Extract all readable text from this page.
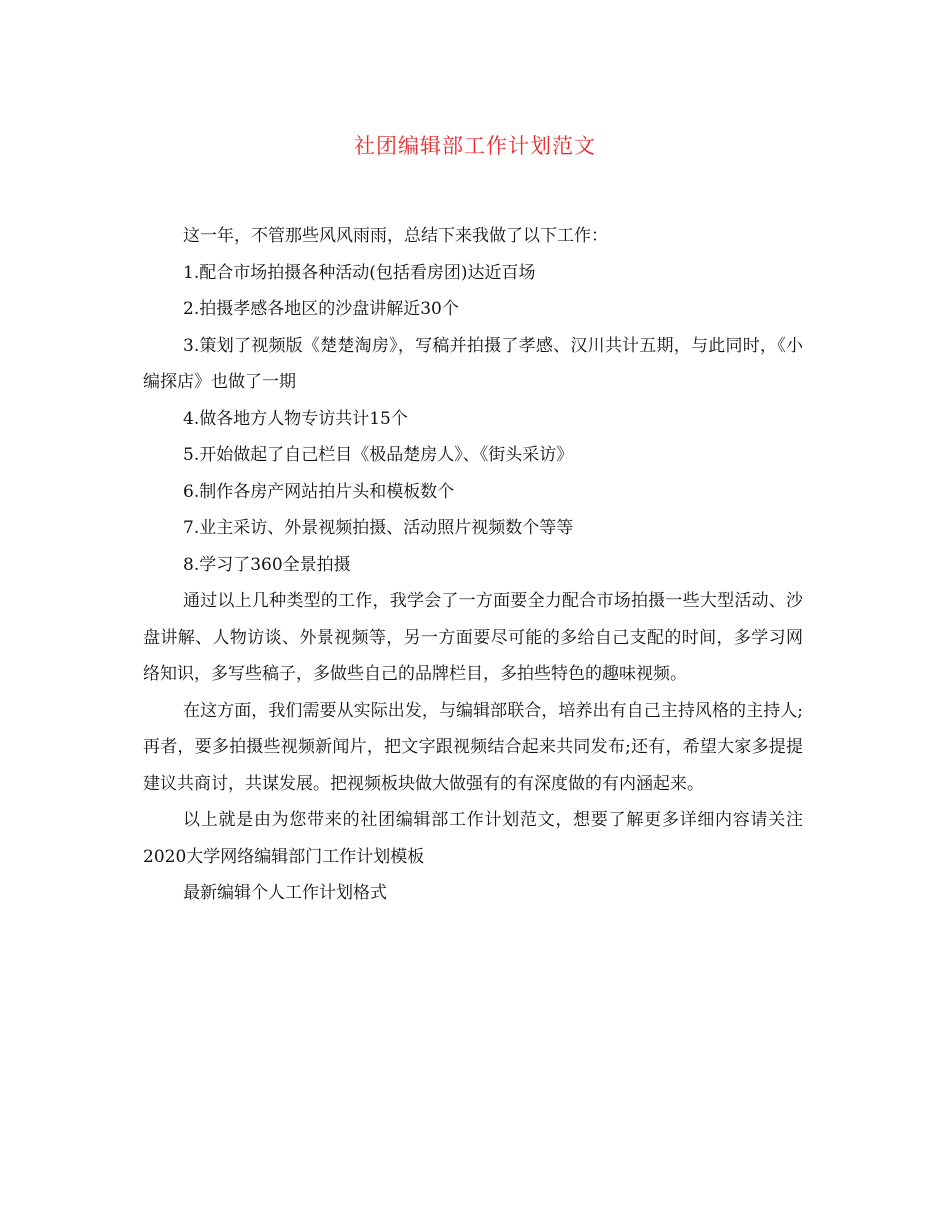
社团编辑部工作计划范文

这一年，不管那些风风雨雨，总结下来我做了以下工作：

1.配合市场拍摄各种活动(包括看房团)达近百场

2.拍摄孝感各地区的沙盘讲解近30个

3.策划了视频版《楚楚淘房》，写稿并拍摄了孝感、汉川共计五期，与此同时，《小编探店》也做了一期

4.做各地方人物专访共计15个

5.开始做起了自己栏目《极品楚房人》、《街头采访》

6.制作各房产网站拍片头和模板数个

7.业主采访、外景视频拍摄、活动照片视频数个等等

8.学习了360全景拍摄

通过以上几种类型的工作，我学会了一方面要全力配合市场拍摄一些大型活动、沙盘讲解、人物访谈、外景视频等，另一方面要尽可能的多给自己支配的时间，多学习网络知识，多写些稿子，多做些自己的品牌栏目，多拍些特色的趣味视频。

在这方面，我们需要从实际出发，与编辑部联合，培养出有自己主持风格的主持人;再者，要多拍摄些视频新闻片，把文字跟视频结合起来共同发布;还有，希望大家多提提建议共商讨，共谋发展。把视频板块做大做强有的有深度做的有内涵起来。

以上就是由为您带来的社团编辑部工作计划范文，想要了解更多详细内容请关注2020大学网络编辑部门工作计划模板

最新编辑个人工作计划格式
